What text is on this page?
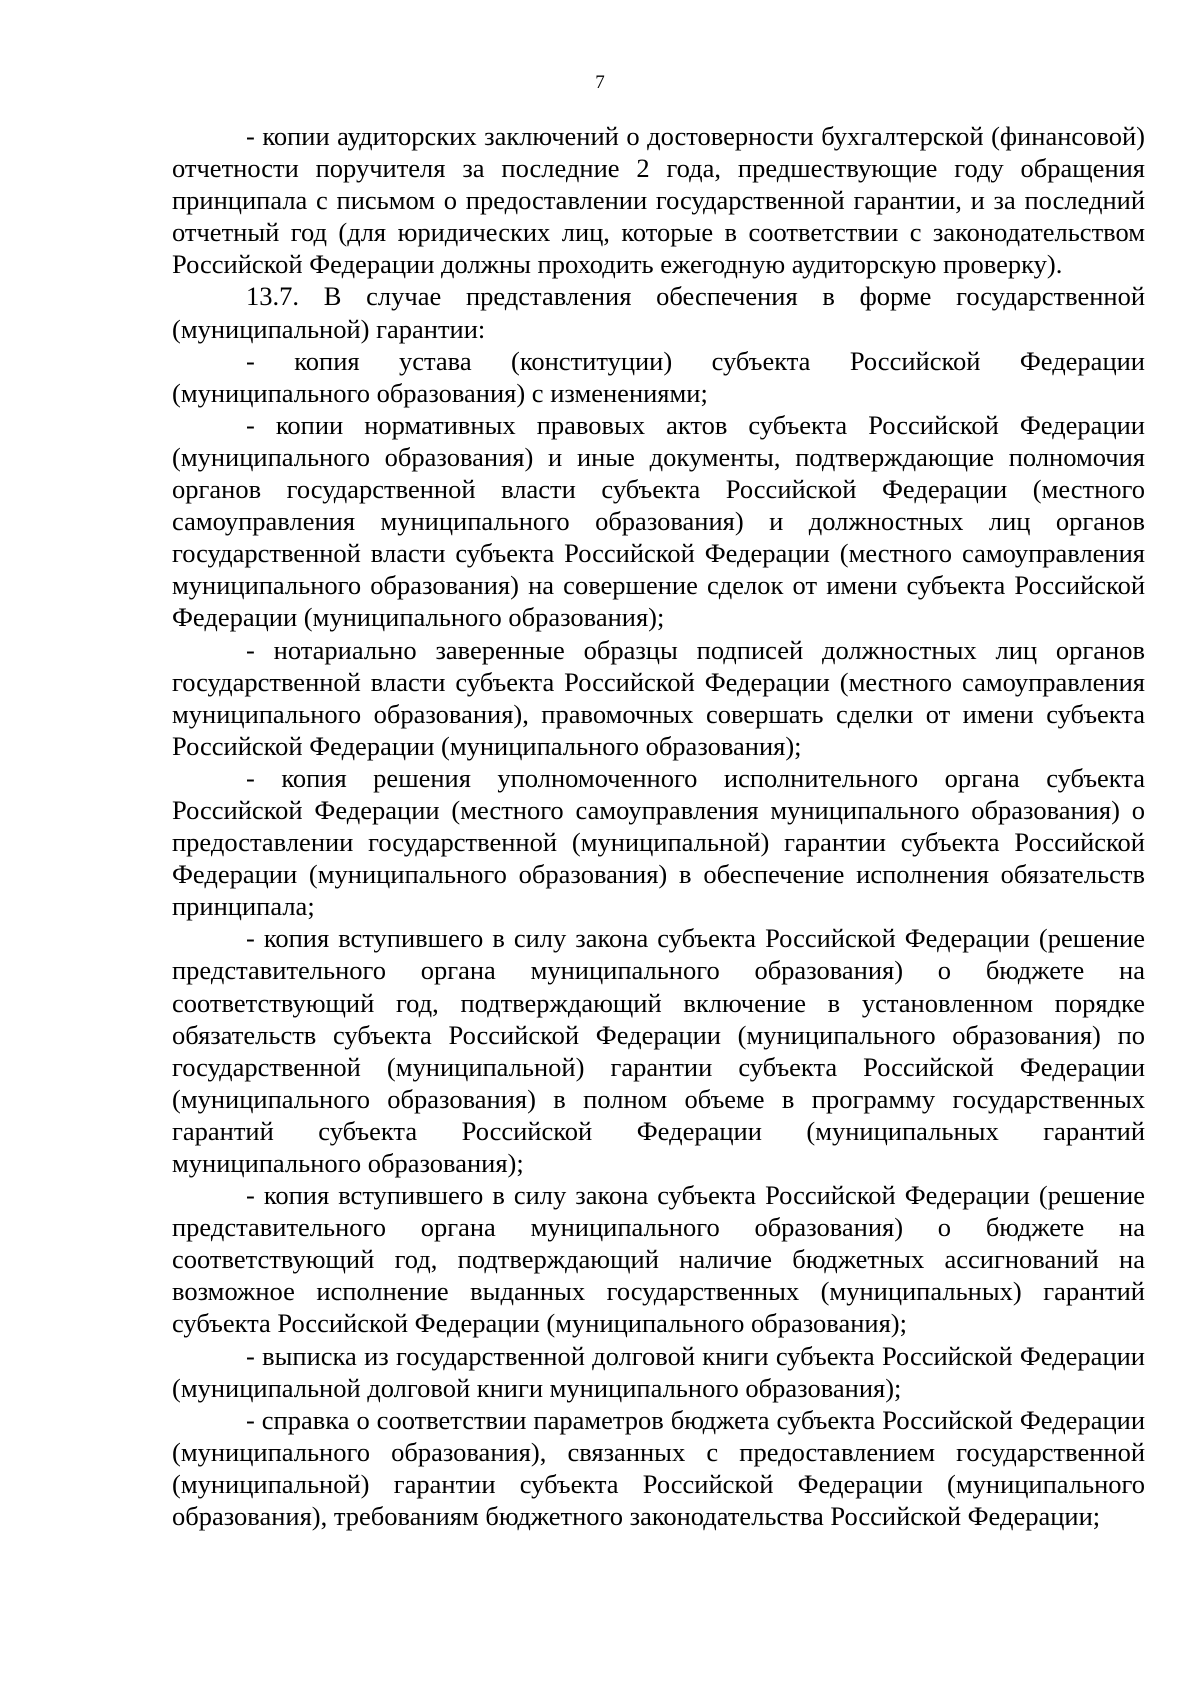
7

- копии аудиторских заключений о достоверности бухгалтерской (финансовой) отчетности поручителя за последние 2 года, предшествующие году обращения принципала с письмом о предоставлении государственной гарантии, и за последний отчетный год (для юридических лиц, которые в соответствии с законодательством Российской Федерации должны проходить ежегодную аудиторскую проверку).

13.7. В случае представления обеспечения в форме государственной (муниципальной) гарантии:

- копия устава (конституции) субъекта Российской Федерации (муниципального образования) с изменениями;

- копии нормативных правовых актов субъекта Российской Федерации (муниципального образования) и иные документы, подтверждающие полномочия органов государственной власти субъекта Российской Федерации (местного самоуправления муниципального образования) и должностных лиц органов государственной власти субъекта Российской Федерации (местного самоуправления муниципального образования) на совершение сделок от имени субъекта Российской Федерации (муниципального образования);

- нотариально заверенные образцы подписей должностных лиц органов государственной власти субъекта Российской Федерации (местного самоуправления муниципального образования), правомочных совершать сделки от имени субъекта Российской Федерации (муниципального образования);

- копия решения уполномоченного исполнительного органа субъекта Российской Федерации (местного самоуправления муниципального образования) о предоставлении государственной (муниципальной) гарантии субъекта Российской Федерации (муниципального образования) в обеспечение исполнения обязательств принципала;

- копия вступившего в силу закона субъекта Российской Федерации (решение представительного органа муниципального образования) о бюджете на соответствующий год, подтверждающий включение в установленном порядке обязательств субъекта Российской Федерации (муниципального образования) по государственной (муниципальной) гарантии субъекта Российской Федерации (муниципального образования) в полном объеме в программу государственных гарантий субъекта Российской Федерации (муниципальных гарантий муниципального образования);

- копия вступившего в силу закона субъекта Российской Федерации (решение представительного органа муниципального образования) о бюджете на соответствующий год, подтверждающий наличие бюджетных ассигнований на возможное исполнение выданных государственных (муниципальных) гарантий субъекта Российской Федерации (муниципального образования);

- выписка из государственной долговой книги субъекта Российской Федерации (муниципальной долговой книги муниципального образования);

- справка о соответствии параметров бюджета субъекта Российской Федерации (муниципального образования), связанных с предоставлением государственной (муниципальной) гарантии субъекта Российской Федерации (муниципального образования), требованиям бюджетного законодательства Российской Федерации;
